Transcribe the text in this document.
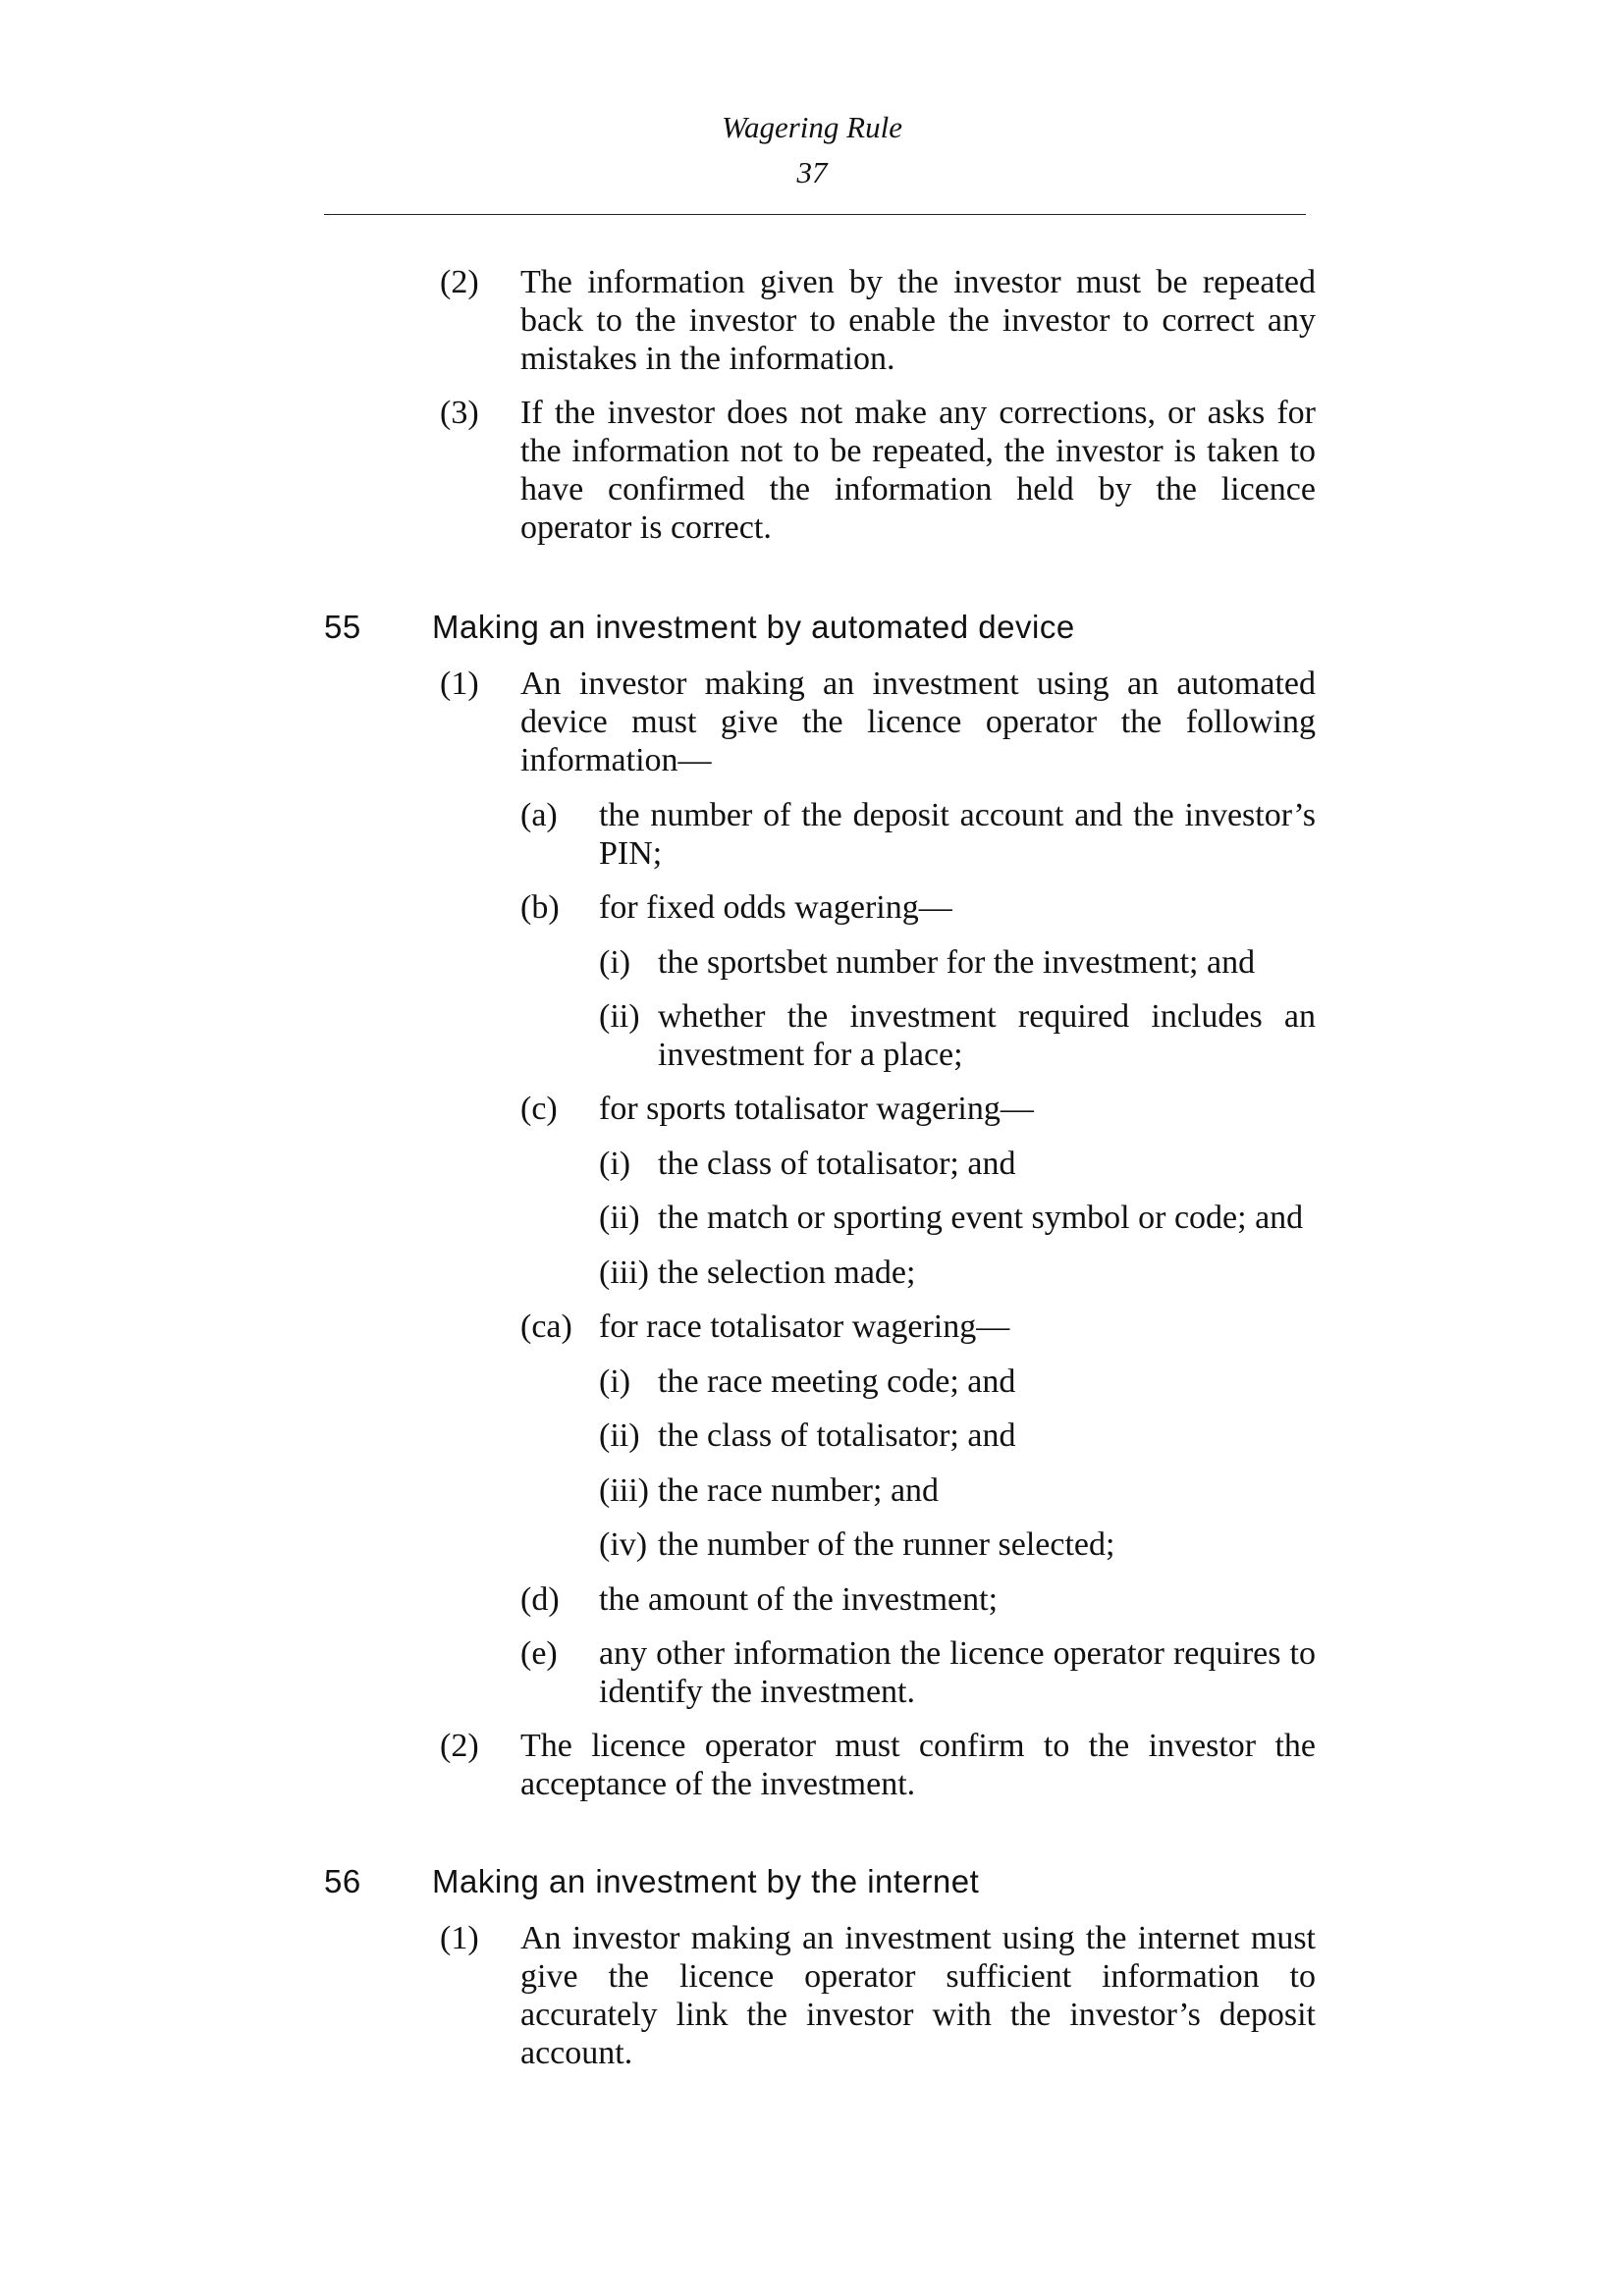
Wagering Rule
37
(2) The information given by the investor must be repeated back to the investor to enable the investor to correct any mistakes in the information.
(3) If the investor does not make any corrections, or asks for the information not to be repeated, the investor is taken to have confirmed the information held by the licence operator is correct.
55 Making an investment by automated device
(1) An investor making an investment using an automated device must give the licence operator the following information—
(a) the number of the deposit account and the investor’s PIN;
(b) for fixed odds wagering—
(i) the sportsbet number for the investment; and
(ii) whether the investment required includes an investment for a place;
(c) for sports totalisator wagering—
(i) the class of totalisator; and
(ii) the match or sporting event symbol or code; and
(iii) the selection made;
(ca) for race totalisator wagering—
(i) the race meeting code; and
(ii) the class of totalisator; and
(iii) the race number; and
(iv) the number of the runner selected;
(d) the amount of the investment;
(e) any other information the licence operator requires to identify the investment.
(2) The licence operator must confirm to the investor the acceptance of the investment.
56 Making an investment by the internet
(1) An investor making an investment using the internet must give the licence operator sufficient information to accurately link the investor with the investor’s deposit account.
